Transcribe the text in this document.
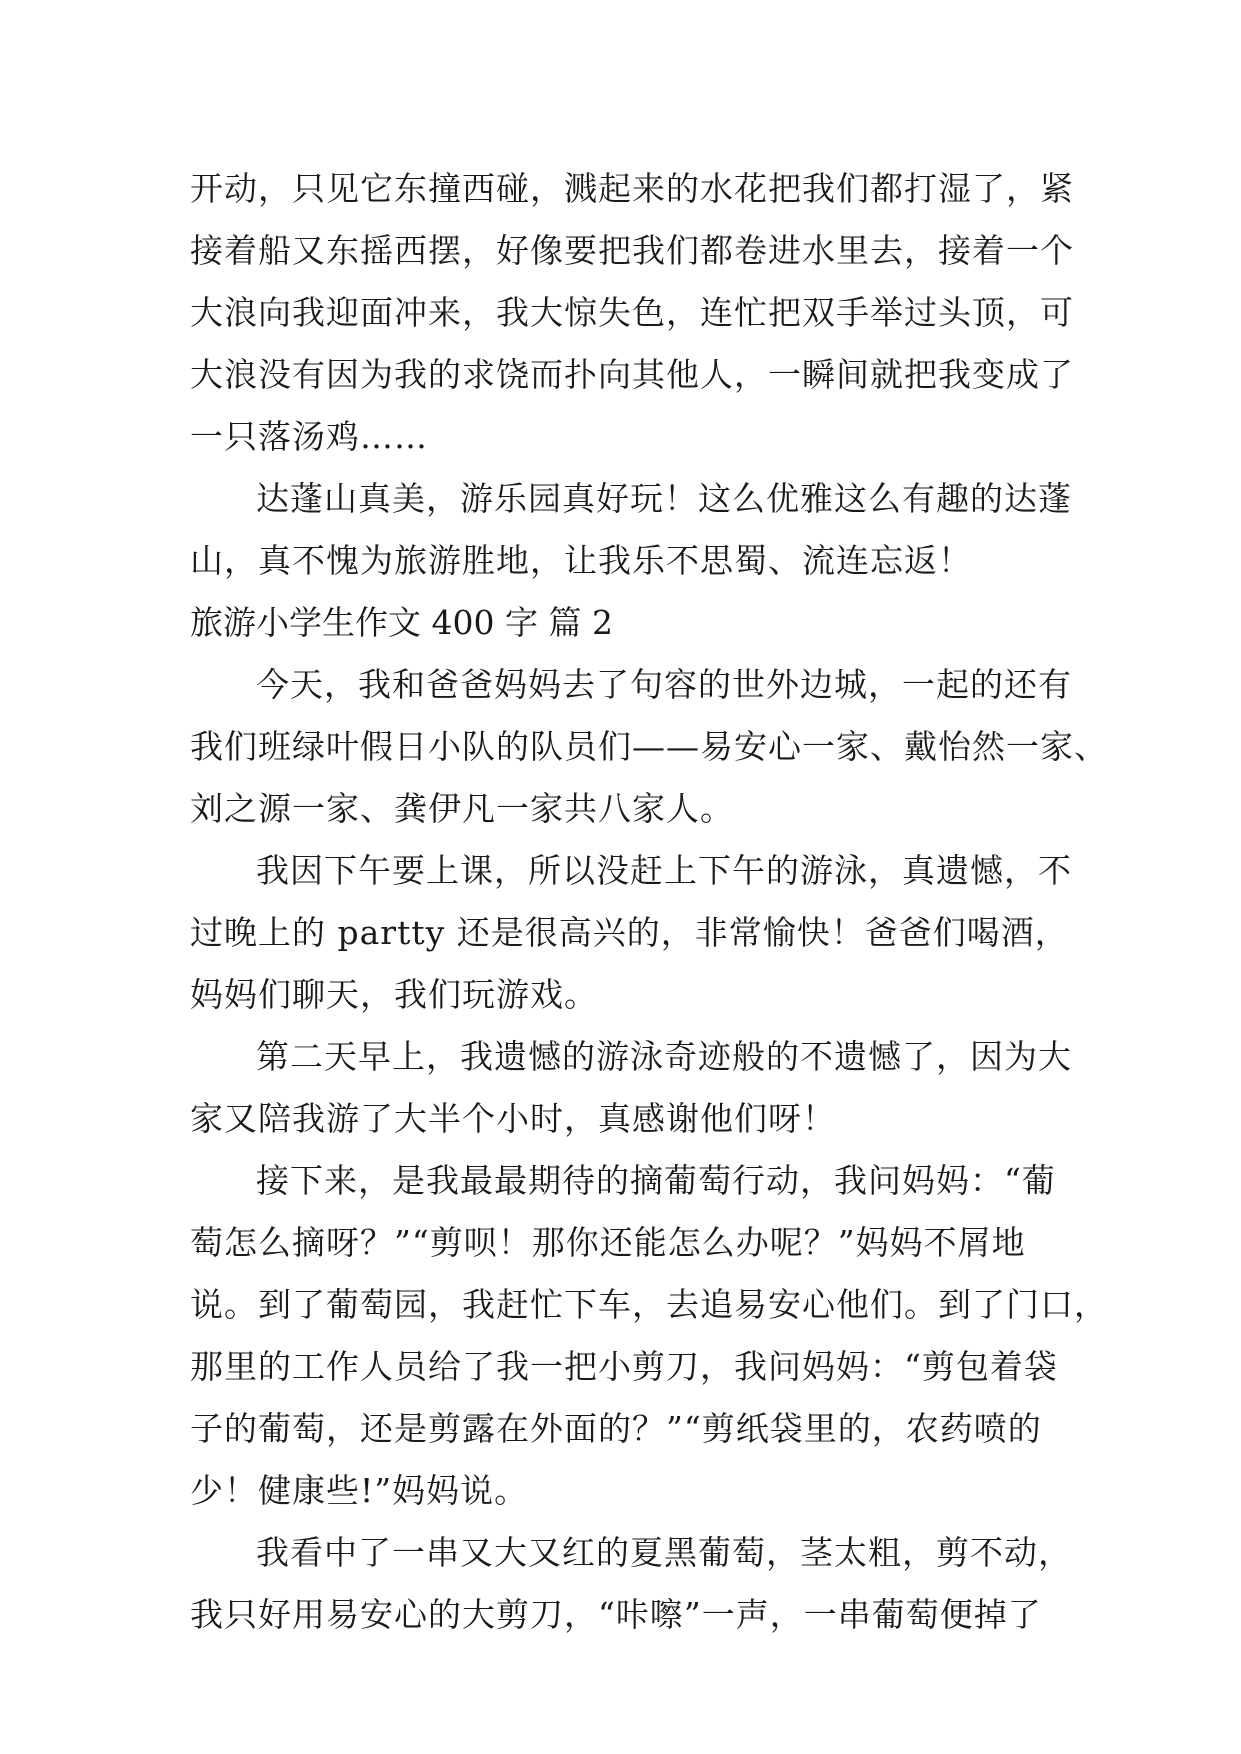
开动，只见它东撞西碰，溅起来的水花把我们都打湿了，紧
接着船又东摇西摆，好像要把我们都卷进水里去，接着一个
大浪向我迎面冲来，我大惊失色，连忙把双手举过头顶，可
大浪没有因为我的求饶而扑向其他人，一瞬间就把我变成了
一只落汤鸡……
达蓬山真美，游乐园真好玩！这么优雅这么有趣的达蓬
山，真不愧为旅游胜地，让我乐不思蜀、流连忘返！
旅游小学生作文 400 字 篇 2
今天，我和爸爸妈妈去了句容的世外边城，一起的还有
我们班绿叶假日小队的队员们——易安心一家、戴怡然一家、
刘之源一家、龚伊凡一家共八家人。
我因下午要上课，所以没赶上下午的游泳，真遗憾，不
过晚上的 partty 还是很高兴的，非常愉快！爸爸们喝酒，
妈妈们聊天，我们玩游戏。
第二天早上，我遗憾的游泳奇迹般的不遗憾了，因为大
家又陪我游了大半个小时，真感谢他们呀！
接下来，是我最最期待的摘葡萄行动，我问妈妈：“葡
萄怎么摘呀？”“剪呗！那你还能怎么办呢？”妈妈不屑地
说。到了葡萄园，我赶忙下车，去追易安心他们。到了门口，
那里的工作人员给了我一把小剪刀，我问妈妈：“剪包着袋
子的葡萄，还是剪露在外面的？”“剪纸袋里的，农药喷的
少！健康些!”妈妈说。
我看中了一串又大又红的夏黑葡萄，茎太粗，剪不动，
我只好用易安心的大剪刀，“咔嚓”一声，一串葡萄便掉了
